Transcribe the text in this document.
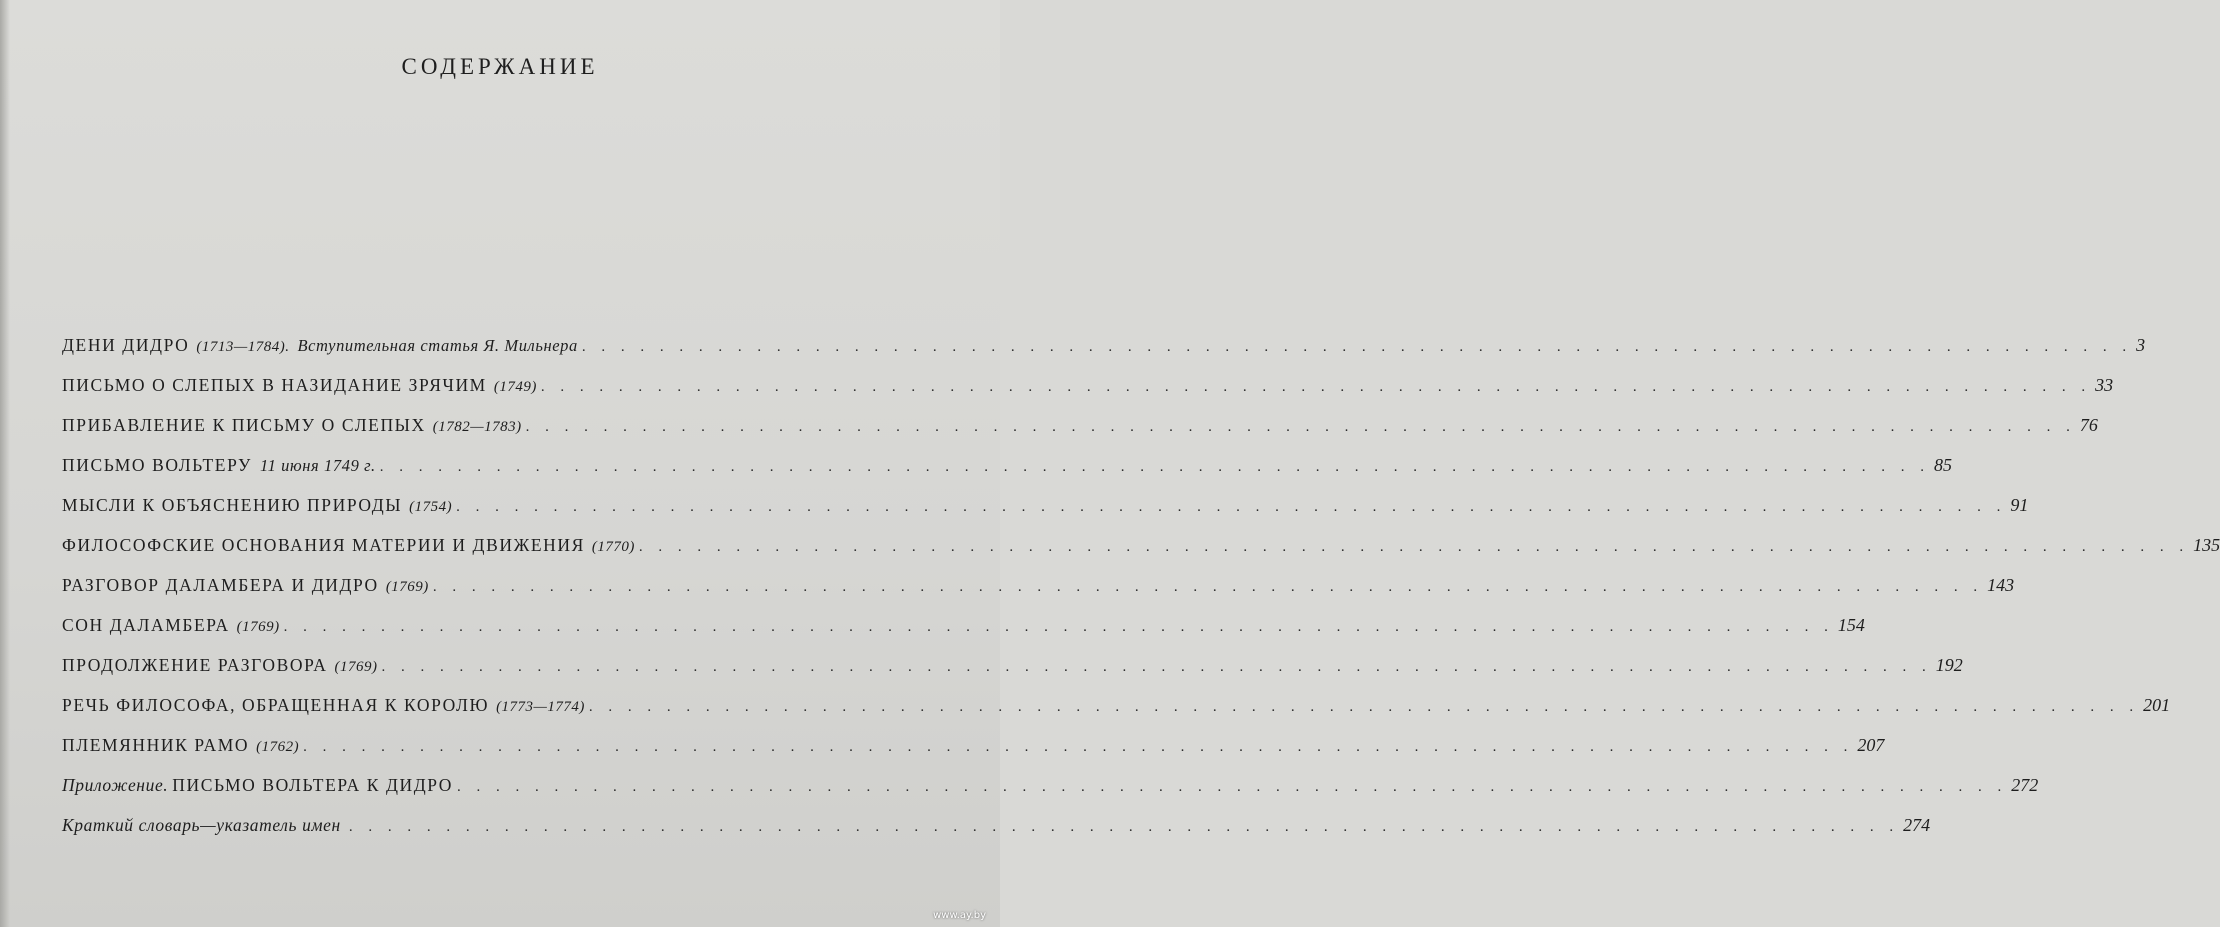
СОДЕРЖАНИЕ
ДЕНИ ДИДРО (1713—1784). Вступительная статья Я. Мильнера . . . . . . . . . . . . . . . . . . . . . . . . . . . . . . . . . . . . . . . . . . . . . . . . . . . . . . . . . . . . . . . . . . . . . . . . . . . . . . . . 3
ПИСЬМО О СЛЕПЫХ В НАЗИДАНИЕ ЗРЯЧИМ (1749) . . . . . . . . . . . . . . . . . . . . . . . . . . . . . . . . . . . . . . . . . . . . . . . . . . . . . . . . . . . . . . . . . . . . . . . . . . . . . . . . 33
ПРИБАВЛЕНИЕ К ПИСЬМУ О СЛЕПЫХ (1782—1783) . . . . . . . . . . . . . . . . . . . . . . . . . . . . . . . . . . . . . . . . . . . . . . . . . . . . . . . . . . . . . . . . . . . . . . . . . . . . . . . . 76
ПИСЬМО ВОЛЬТЕРУ 11 июня 1749 г. . . . . . . . . . . . . . . . . . . . . . . . . . . . . . . . . . . . . . . . . . . . . . . . . . . . . . . . . . . . . . . . . . . . . . . . . . . . . . . . . 85
МЫСЛИ К ОБЪЯСНЕНИЮ ПРИРОДЫ (1754) . . . . . . . . . . . . . . . . . . . . . . . . . . . . . . . . . . . . . . . . . . . . . . . . . . . . . . . . . . . . . . . . . . . . . . . . . . . . . . . . 91
ФИЛОСОФСКИЕ ОСНОВАНИЯ МАТЕРИИ И ДВИЖЕНИЯ (1770) . . . . . . . . . . . . . . . . . . . . . . . . . . . . . . . . . . . . . . . . . . . . . . . . . . . . . . . . . . . . . . . . . . . . . . . . . . . . . . . . 135
РАЗГОВОР ДАЛАМБЕРА И ДИДРО (1769) . . . . . . . . . . . . . . . . . . . . . . . . . . . . . . . . . . . . . . . . . . . . . . . . . . . . . . . . . . . . . . . . . . . . . . . . . . . . . . . . 143
СОН ДАЛАМБЕРА (1769) . . . . . . . . . . . . . . . . . . . . . . . . . . . . . . . . . . . . . . . . . . . . . . . . . . . . . . . . . . . . . . . . . . . . . . . . . . . . . . . . 154
ПРОДОЛЖЕНИЕ РАЗГОВОРА (1769) . . . . . . . . . . . . . . . . . . . . . . . . . . . . . . . . . . . . . . . . . . . . . . . . . . . . . . . . . . . . . . . . . . . . . . . . . . . . . . . . 192
РЕЧЬ ФИЛОСОФА, ОБРАЩЕННАЯ К КОРОЛЮ (1773—1774) . . . . . . . . . . . . . . . . . . . . . . . . . . . . . . . . . . . . . . . . . . . . . . . . . . . . . . . . . . . . . . . . . . . . . . . . . . . . . . . . 201
ПЛЕМЯННИК РАМО (1762) . . . . . . . . . . . . . . . . . . . . . . . . . . . . . . . . . . . . . . . . . . . . . . . . . . . . . . . . . . . . . . . . . . . . . . . . . . . . . . . . 207
Приложение. ПИСЬМО ВОЛЬТЕРА К ДИДРО . . . . . . . . . . . . . . . . . . . . . . . . . . . . . . . . . . . . . . . . . . . . . . . . . . . . . . . . . . . . . . . . . . . . . . . . . . . . . . . . 272
Краткий словарь—указатель имен . . . . . . . . . . . . . . . . . . . . . . . . . . . . . . . . . . . . . . . . . . . . . . . . . . . . . . . . . . . . . . . . . . . . . . . . . . . . . . . . 274
www.ay.by
